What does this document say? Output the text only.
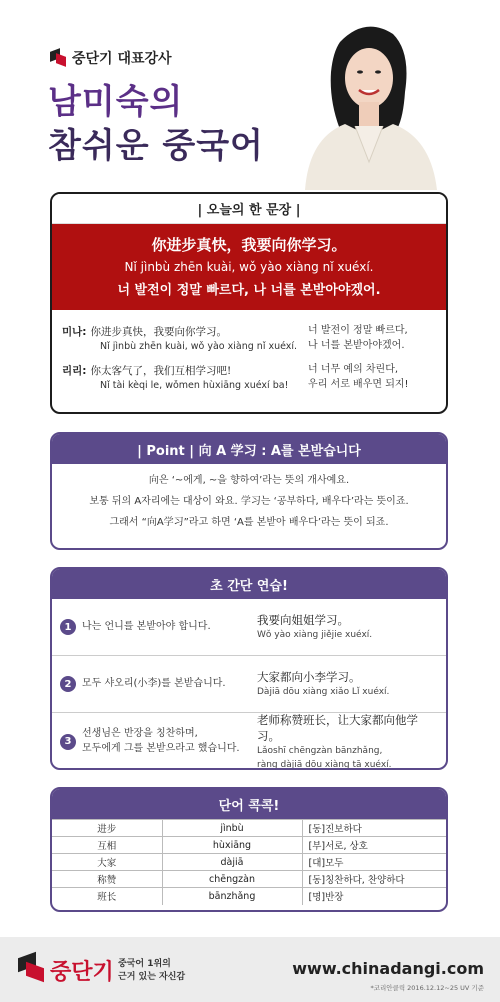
중단기 대표강사
남미숙의
참쉬운 중국어
| 오늘의 한 문장 |
你进步真快，我要向你学习。
Nǐ jìnbù zhēn kuài, wǒ yào xiàng nǐ xuéxí.
너 발전이 정말 빠르다, 나 너를 본받아야겠어.
미나: 你进步真快，我要向你学习。
Nǐ jìnbù zhēn kuài, wǒ yào xiàng nǐ xuéxí.
너 발전이 정말 빠르다,
나 너를 본받아야겠어.
리리: 你太客气了，我们互相学习吧!
Nǐ tài kèqi le, wǒmen hùxiāng xuéxí ba!
너 너무 예의 차린다,
우리 서로 배우면 되지!
| Point | 向 A 学习 : A를 본받습니다
向은 ‘~에게, ~을 향하여’라는 뜻의 개사예요.
보통 뒤의 A자리에는 대상이 와요. 学习는 ‘공부하다, 배우다’라는 뜻이죠.
그래서 “向A学习”라고 하면 ‘A를 본받아 배우다’라는 뜻이 되죠.
초 간단 연습!
1	나는 언니를 본받아야 합니다.	我要向姐姐学习。
Wǒ yào xiàng jiějie xuéxí.
2	모두 샤오리(小李)를 본받습니다.	大家都向小李学习。
Dàjiā dōu xiàng xiǎo Lǐ xuéxí.
3
선생님은 반장을 칭찬하며,
모두에게 그를 본받으라고 했습니다.
老师称赞班长，让大家都向他学习。
Lǎoshī chēngzàn bānzhǎng,
ràng dàjiā dōu xiàng tā xuéxí.
단어 콕콕!
进步	jìnbù	[동]진보하다
互相	hùxiāng	[부]서로, 상호
大家	dàjiā	[대]모두
称赞	chēngzàn	[동]칭찬하다, 찬양하다
班长	bānzhǎng	[명]반장
중단기 중국어 1위의
근거 있는 자신감	www.chinadangi.com
*코리안클릭 2016.12.12~25 UV 기준
